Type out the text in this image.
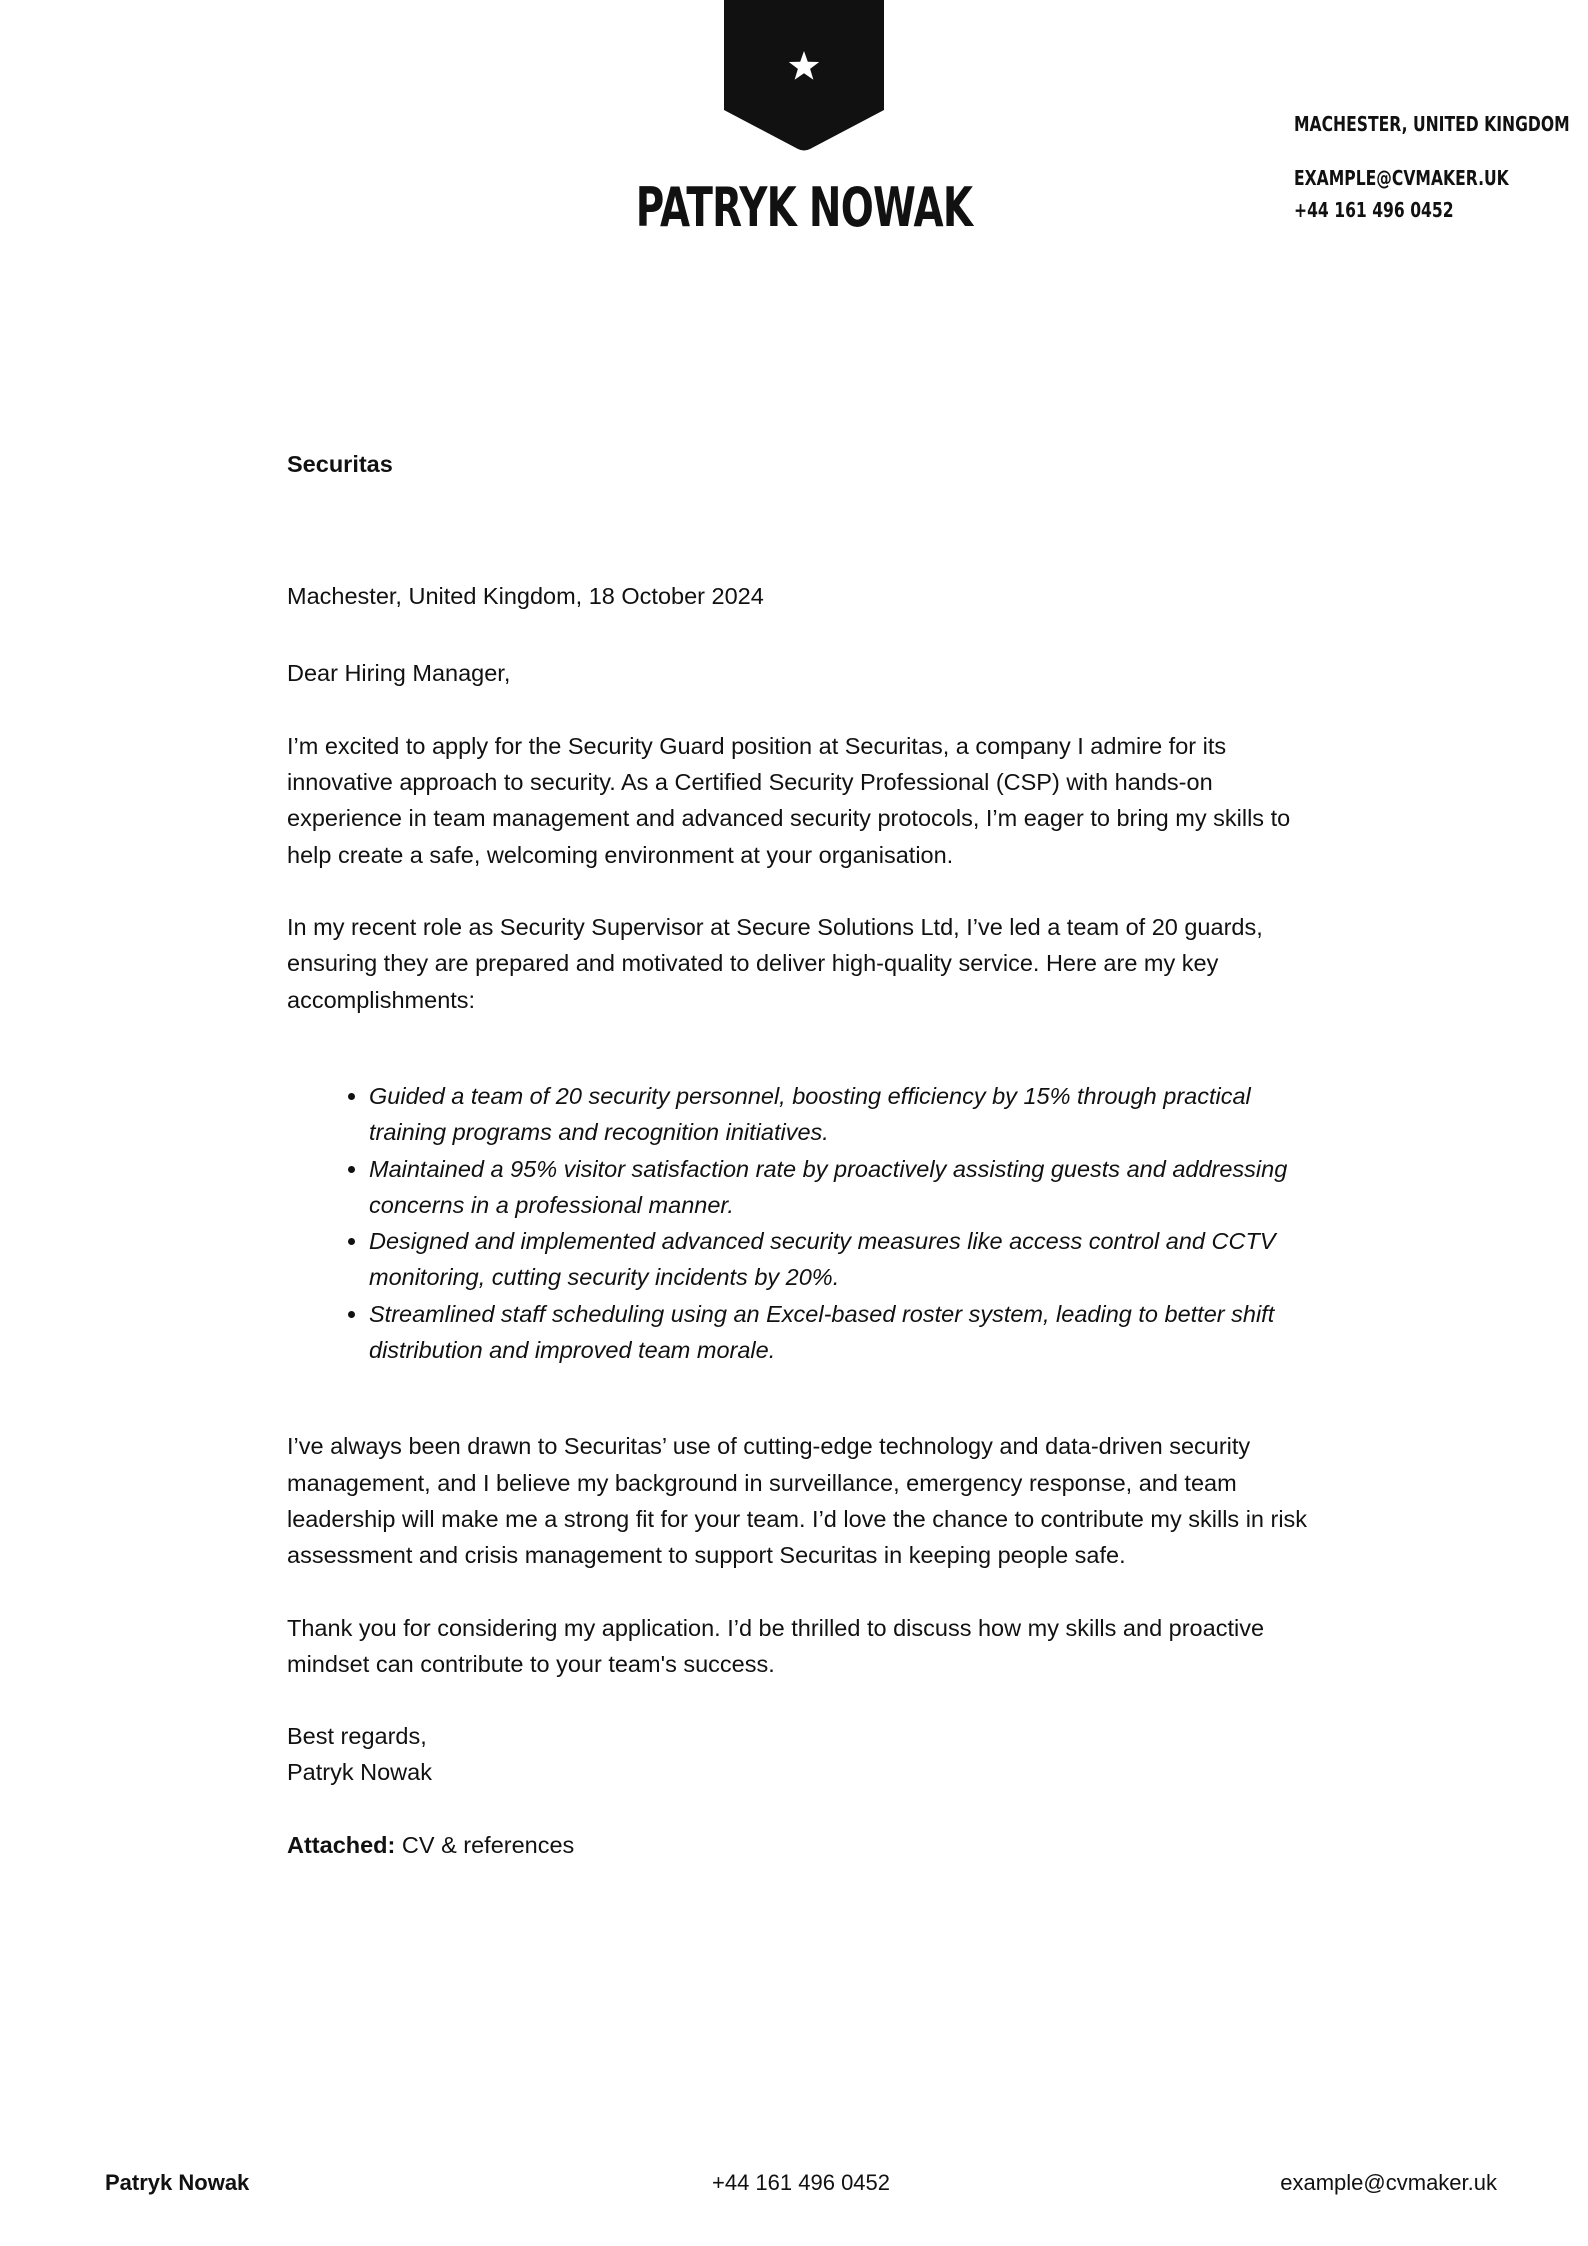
PATRYK NOWAK
MACHESTER, UNITED KINGDOM
EXAMPLE@CVMAKER.UK
+44 161 496 0452

Securitas

Machester, United Kingdom, 18 October 2024

Dear Hiring Manager,

I’m excited to apply for the Security Guard position at Securitas, a company I admire for its innovative approach to security. As a Certified Security Professional (CSP) with hands-on experience in team management and advanced security protocols, I’m eager to bring my skills to help create a safe, welcoming environment at your organisation.

In my recent role as Security Supervisor at Secure Solutions Ltd, I’ve led a team of 20 guards, ensuring they are prepared and motivated to deliver high-quality service. Here are my key accomplishments:

• Guided a team of 20 security personnel, boosting efficiency by 15% through practical training programs and recognition initiatives.
• Maintained a 95% visitor satisfaction rate by proactively assisting guests and addressing concerns in a professional manner.
• Designed and implemented advanced security measures like access control and CCTV monitoring, cutting security incidents by 20%.
• Streamlined staff scheduling using an Excel-based roster system, leading to better shift distribution and improved team morale.

I’ve always been drawn to Securitas’ use of cutting-edge technology and data-driven security management, and I believe my background in surveillance, emergency response, and team leadership will make me a strong fit for your team. I’d love the chance to contribute my skills in risk assessment and crisis management to support Securitas in keeping people safe.

Thank you for considering my application. I’d be thrilled to discuss how my skills and proactive mindset can contribute to your team's success.

Best regards,

Patryk Nowak

Attached: CV & references

Patryk Nowak	+44 161 496 0452	example@cvmaker.uk
